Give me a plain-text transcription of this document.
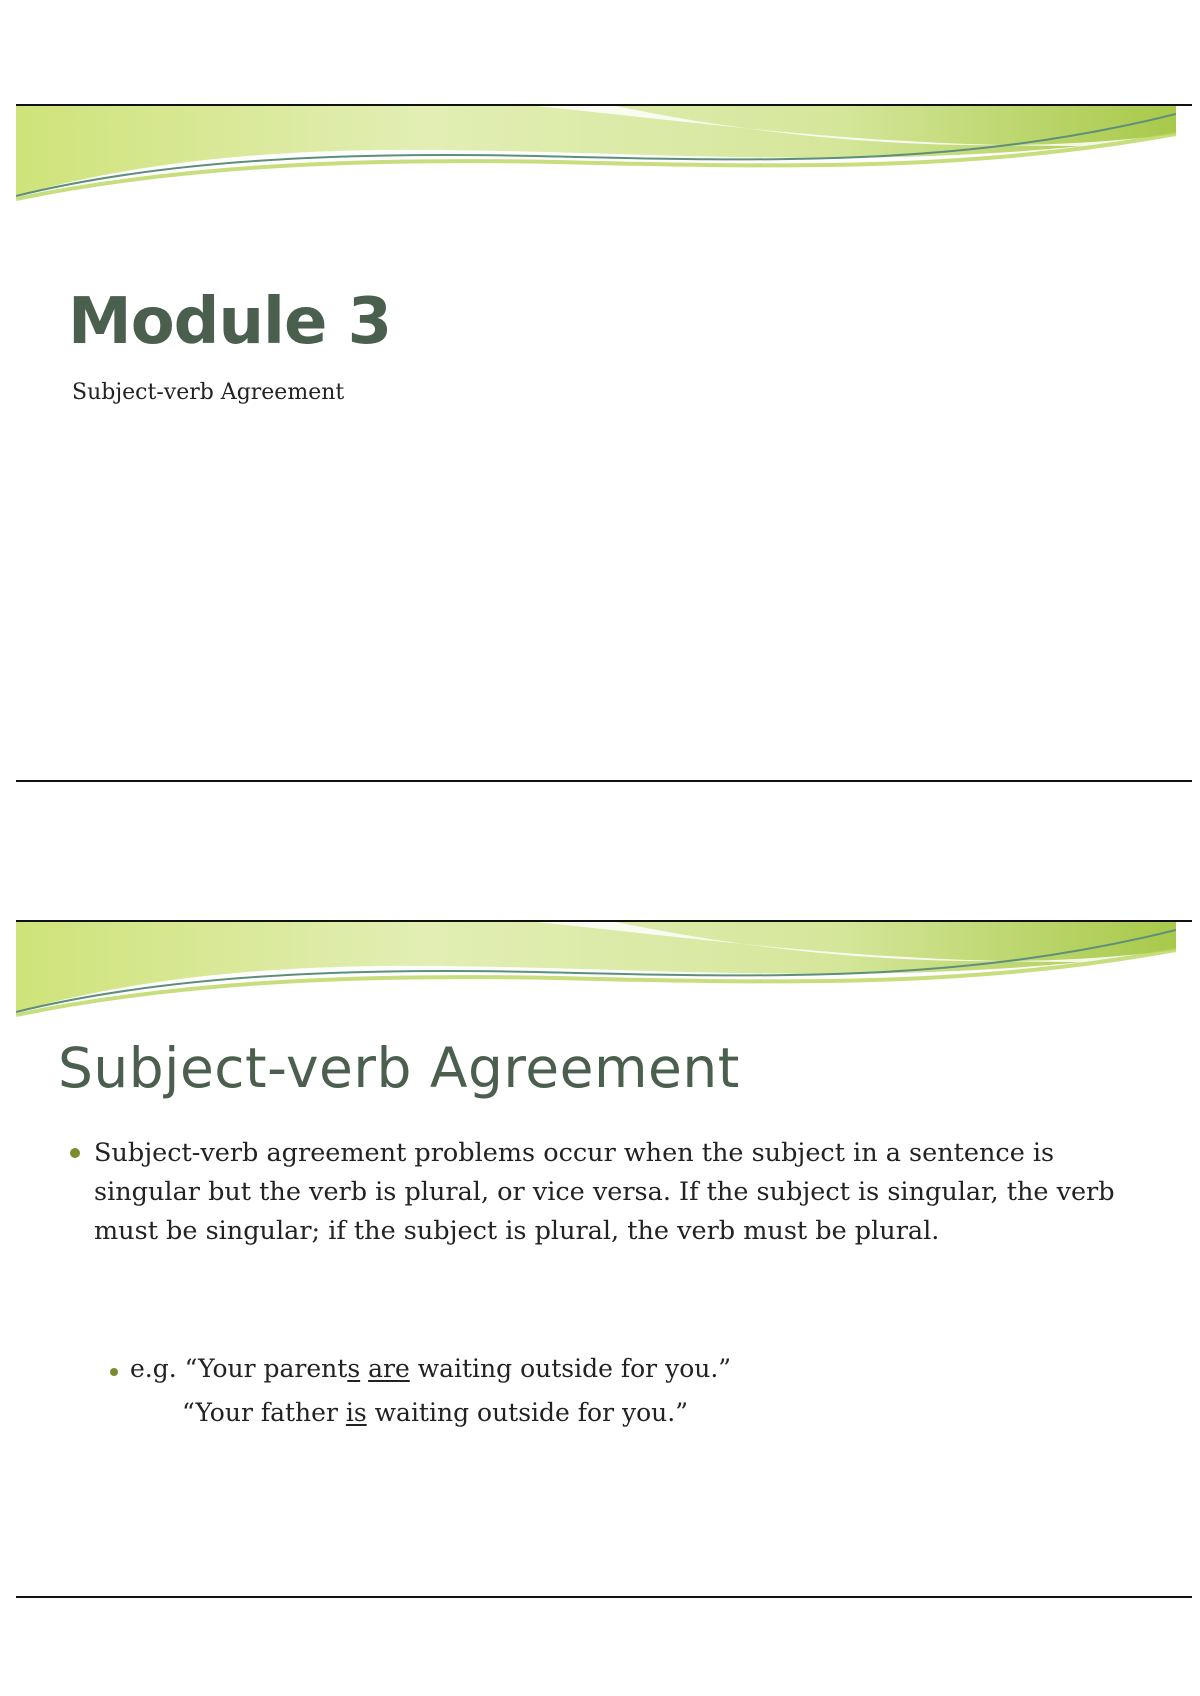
Module 3

Subject-verb Agreement

Subject-verb Agreement

Subject-verb agreement problems occur when the subject in a sentence is singular but the verb is plural, or vice versa. If the subject is singular, the verb must be singular; if the subject is plural, the verb must be plural.

e.g. “Your parents are waiting outside for you.”

“Your father is waiting outside for you.”
